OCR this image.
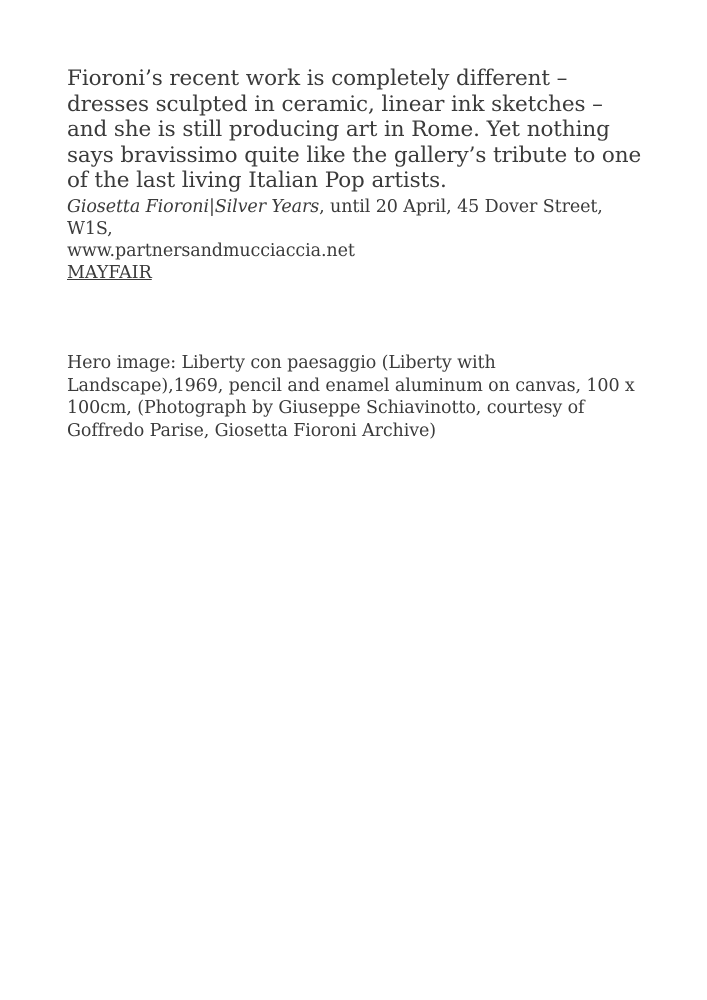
Fioroni’s recent work is completely different – dresses sculpted in ceramic, linear ink sketches – and she is still producing art in Rome. Yet nothing says bravissimo quite like the gallery’s tribute to one of the last living Italian Pop artists.

Giosetta Fioroni|Silver Years, until 20 April, 45 Dover Street, W1S,
www.partnersandmucciaccia.net

MAYFAIR

Hero image: Liberty con paesaggio (Liberty with Landscape),1969, pencil and enamel aluminum on canvas, 100 x 100cm, (Photograph by Giuseppe Schiavinotto, courtesy of Goffredo Parise, Giosetta Fioroni Archive)
